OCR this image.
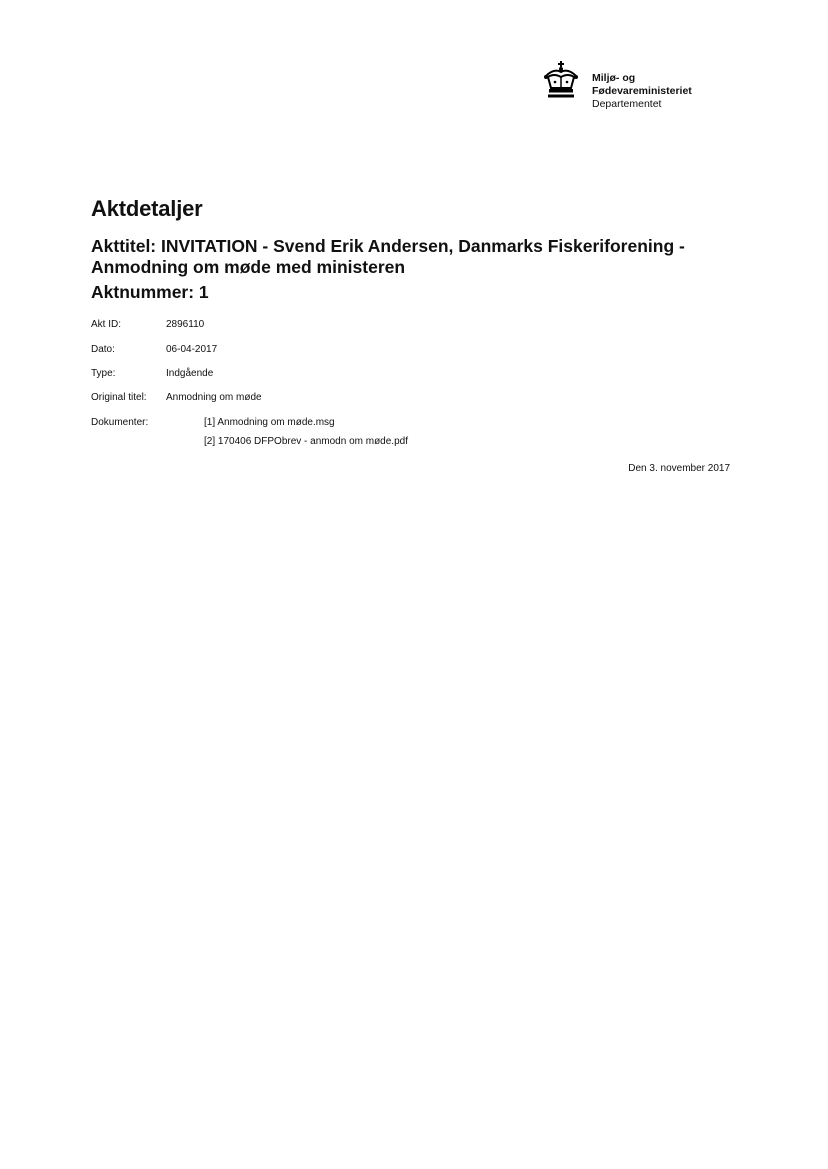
Miljø- og
Fødevareministeriet
Departementet
Aktdetaljer
Akttitel: INVITATION - Svend Erik Andersen, Danmarks Fiskeriforening - Anmodning om møde med ministeren
Aktnummer: 1
Akt ID:	2896110
Dato:	06-04-2017
Type:	Indgående
Original titel: Anmodning om møde
Dokumenter:	[1] Anmodning om møde.msg
[2] 170406 DFPObrev - anmodn om møde.pdf
Den 3. november 2017
